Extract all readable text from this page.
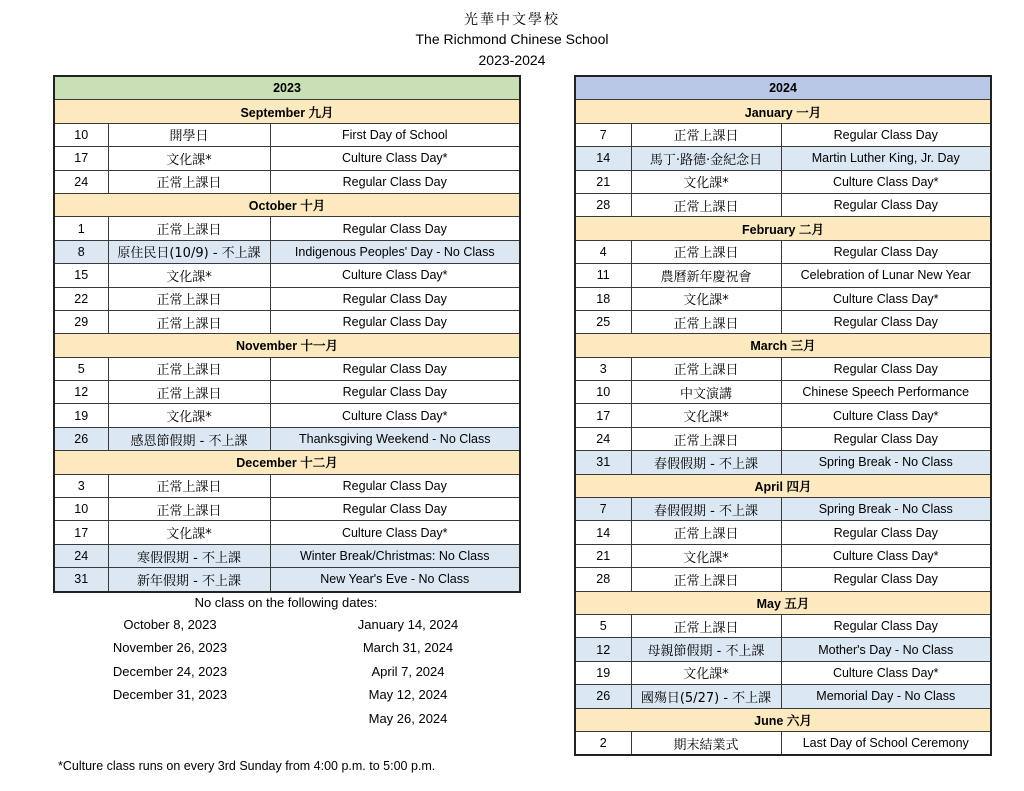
光華中文學校
The Richmond Chinese School
2023-2024
2023		
September 九月		
10	開學日	First Day of School
17	文化課*	Culture Class Day*
24	正常上課日	Regular Class Day
October 十月		
1	正常上課日	Regular Class Day
8	原住民日(10/9) - 不上課	Indigenous Peoples' Day - No Class
15	文化課*	Culture Class Day*
22	正常上課日	Regular Class Day
29	正常上課日	Regular Class Day
November 十一月		
5	正常上課日	Regular Class Day
12	正常上課日	Regular Class Day
19	文化課*	Culture Class Day*
26	感恩節假期 - 不上課	Thanksgiving Weekend - No Class
December 十二月		
3	正常上課日	Regular Class Day
10	正常上課日	Regular Class Day
17	文化課*	Culture Class Day*
24	寒假假期 - 不上課	Winter Break/Christmas: No Class
31	新年假期 - 不上課	New Year's Eve - No Class
2024		
January 一月		
7	正常上課日	Regular Class Day
14	馬丁·路德·金紀念日	Martin Luther King, Jr. Day
21	文化課*	Culture Class Day*
28	正常上課日	Regular Class Day
February 二月		
4	正常上課日	Regular Class Day
11	農曆新年慶祝會	Celebration of Lunar New Year
18	文化課*	Culture Class Day*
25	正常上課日	Regular Class Day
March 三月		
3	正常上課日	Regular Class Day
10	中文演講	Chinese Speech Performance
17	文化課*	Culture Class Day*
24	正常上課日	Regular Class Day
31	春假假期 - 不上課	Spring Break - No Class
April 四月		
7	春假假期 - 不上課	Spring Break - No Class
14	正常上課日	Regular Class Day
21	文化課*	Culture Class Day*
28	正常上課日	Regular Class Day
May 五月		
5	正常上課日	Regular Class Day
12	母親節假期 - 不上課	Mother's Day - No Class
19	文化課*	Culture Class Day*
26	國殤日(5/27) - 不上課	Memorial Day - No Class
June 六月		
2	期末結業式	Last Day of School Ceremony
No class on the following dates:
October 8, 2023
November 26, 2023
December 24, 2023
December 31, 2023
January 14, 2024
March 31, 2024
April 7, 2024
May 12, 2024
May 26, 2024
*Culture class runs on every 3rd Sunday from 4:00 p.m. to 5:00 p.m.
